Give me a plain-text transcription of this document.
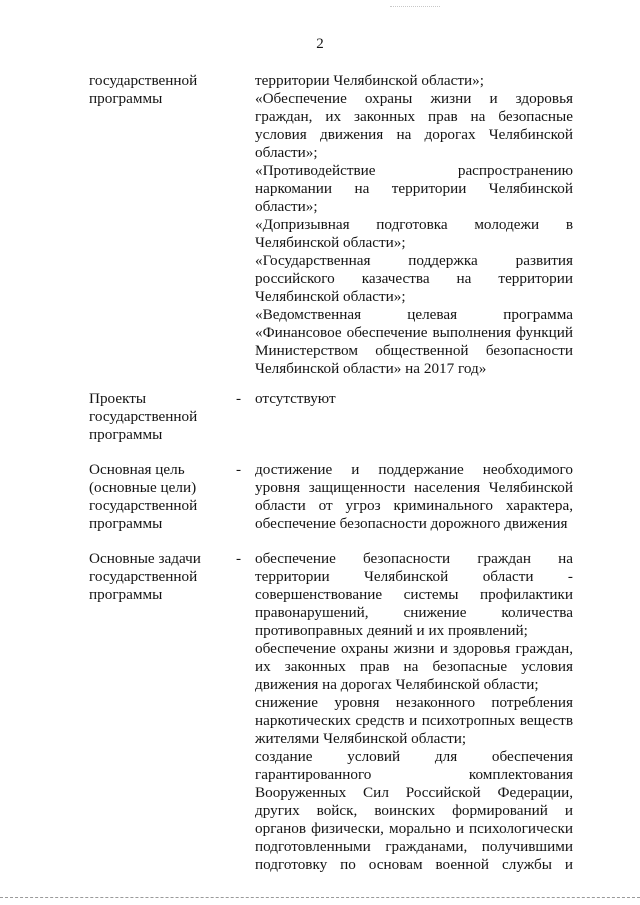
2
государственной программы

территории Челябинской области»;

«Обеспечение охраны жизни и здоровья граждан, их законных прав на безопасные условия движения на дорогах Челябинской области»;

«Противодействие распространению наркомании на территории Челябинской области»;

«Допризывная подготовка молодежи в Челябинской области»;

«Государственная поддержка развития российского казачества на территории Челябинской области»;

«Ведомственная целевая программа «Финансовое обеспечение выполнения функций Министерством общественной безопасности Челябинской области» на 2017 год»

Проекты государственной программы
- отсутствуют

Основная цель (основные цели) государственной программы
- достижение и поддержание необходимого уровня защищенности населения Челябинской области от угроз криминального характера, обеспечение безопасности дорожного движения

Основные задачи государственной программы
- обеспечение безопасности граждан на территории Челябинской области - совершенствование системы профилактики правонарушений, снижение количества противоправных деяний и их проявлений;

обеспечение охраны жизни и здоровья граждан, их законных прав на безопасные условия движения на дорогах Челябинской области;

снижение уровня незаконного потребления наркотических средств и психотропных веществ жителями Челябинской области;

создание условий для обеспечения гарантированного комплектования Вооруженных Сил Российской Федерации, других войск, воинских формирований и органов физически, морально и психологически подготовленными гражданами, получившими подготовку по основам военной службы и
